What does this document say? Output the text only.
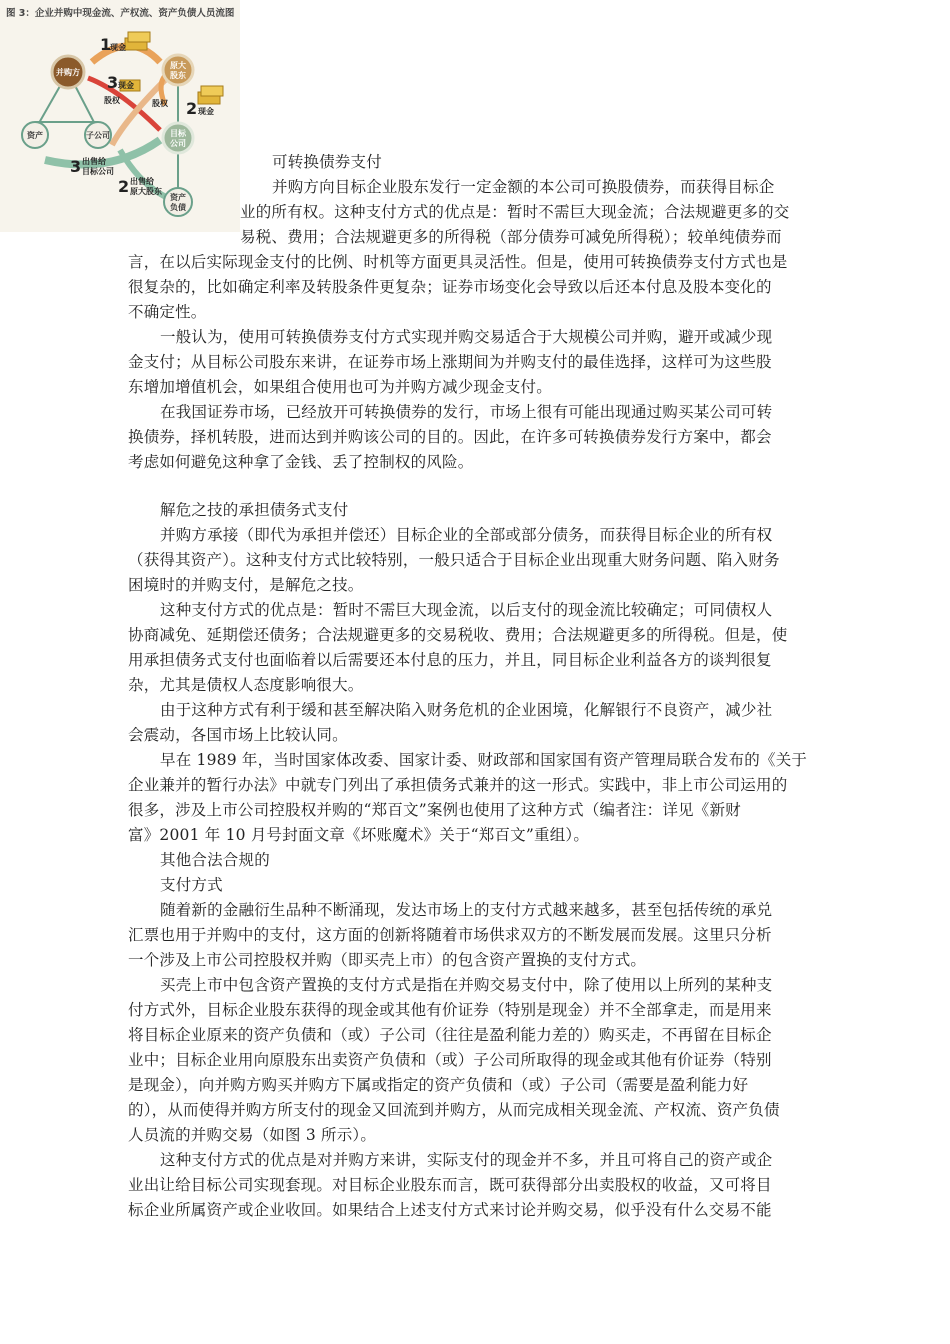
图 3：企业并购中现金流、产权流、资产负债人员流图
并购方
资产	子公司
原大
股东
目标
公司
资产
负债
1
现金
3 现金
股权	2 现金
股权
3 出售给
目标公司
2 出售给
原大股东
可转换债券支付
并购方向目标企业股东发行一定金额的本公司可换股债券，而获得目标企
业的所有权。这种支付方式的优点是：暂时不需巨大现金流；合法规避更多的交
易税、费用；合法规避更多的所得税（部分债券可减免所得税）；较单纯债券而
言，在以后实际现金支付的比例、时机等方面更具灵活性。但是，使用可转换债券支付方式也是
很复杂的，比如确定利率及转股条件更复杂；证券市场变化会导致以后还本付息及股本变化的
不确定性。
一般认为，使用可转换债券支付方式实现并购交易适合于大规模公司并购，避开或减少现
金支付；从目标公司股东来讲，在证券市场上涨期间为并购支付的最佳选择，这样可为这些股
东增加增值机会，如果组合使用也可为并购方减少现金支付。
在我国证券市场，已经放开可转换债券的发行，市场上很有可能出现通过购买某公司可转
换债券，择机转股，进而达到并购该公司的目的。因此，在许多可转换债券发行方案中，都会
考虑如何避免这种拿了金钱、丢了控制权的风险。
解危之技的承担债务式支付
并购方承接（即代为承担并偿还）目标企业的全部或部分债务，而获得目标企业的所有权
（获得其资产）。这种支付方式比较特别，一般只适合于目标企业出现重大财务问题、陷入财务
困境时的并购支付，是解危之技。
这种支付方式的优点是：暂时不需巨大现金流，以后支付的现金流比较确定；可同债权人
协商减免、延期偿还债务；合法规避更多的交易税收、费用；合法规避更多的所得税。但是，使
用承担债务式支付也面临着以后需要还本付息的压力，并且，同目标企业利益各方的谈判很复
杂，尤其是债权人态度影响很大。
由于这种方式有利于缓和甚至解决陷入财务危机的企业困境，化解银行不良资产，减少社
会震动，各国市场上比较认同。
早在 1989 年，当时国家体改委、国家计委、财政部和国家国有资产管理局联合发布的《关于
企业兼并的暂行办法》中就专门列出了承担债务式兼并的这一形式。实践中，非上市公司运用的
很多，涉及上市公司控股权并购的“郑百文”案例也使用了这种方式（编者注：详见《新财
富》2001 年 10 月号封面文章《坏账魔术》关于“郑百文”重组）。
其他合法合规的
支付方式
随着新的金融衍生品种不断涌现，发达市场上的支付方式越来越多，甚至包括传统的承兑
汇票也用于并购中的支付，这方面的创新将随着市场供求双方的不断发展而发展。这里只分析
一个涉及上市公司控股权并购（即买壳上市）的包含资产置换的支付方式。
买壳上市中包含资产置换的支付方式是指在并购交易支付中，除了使用以上所列的某种支
付方式外，目标企业股东获得的现金或其他有价证券（特别是现金）并不全部拿走，而是用来
将目标企业原来的资产负债和（或）子公司（往往是盈利能力差的）购买走，不再留在目标企
业中；目标企业用向原股东出卖资产负债和（或）子公司所取得的现金或其他有价证券（特别
是现金），向并购方购买并购方下属或指定的资产负债和（或）子公司（需要是盈利能力好
的），从而使得并购方所支付的现金又回流到并购方，从而完成相关现金流、产权流、资产负债
人员流的并购交易（如图 3 所示）。
这种支付方式的优点是对并购方来讲，实际支付的现金并不多，并且可将自己的资产或企
业出让给目标公司实现套现。对目标企业股东而言，既可获得部分出卖股权的收益，又可将目
标企业所属资产或企业收回。如果结合上述支付方式来讨论并购交易，似乎没有什么交易不能
